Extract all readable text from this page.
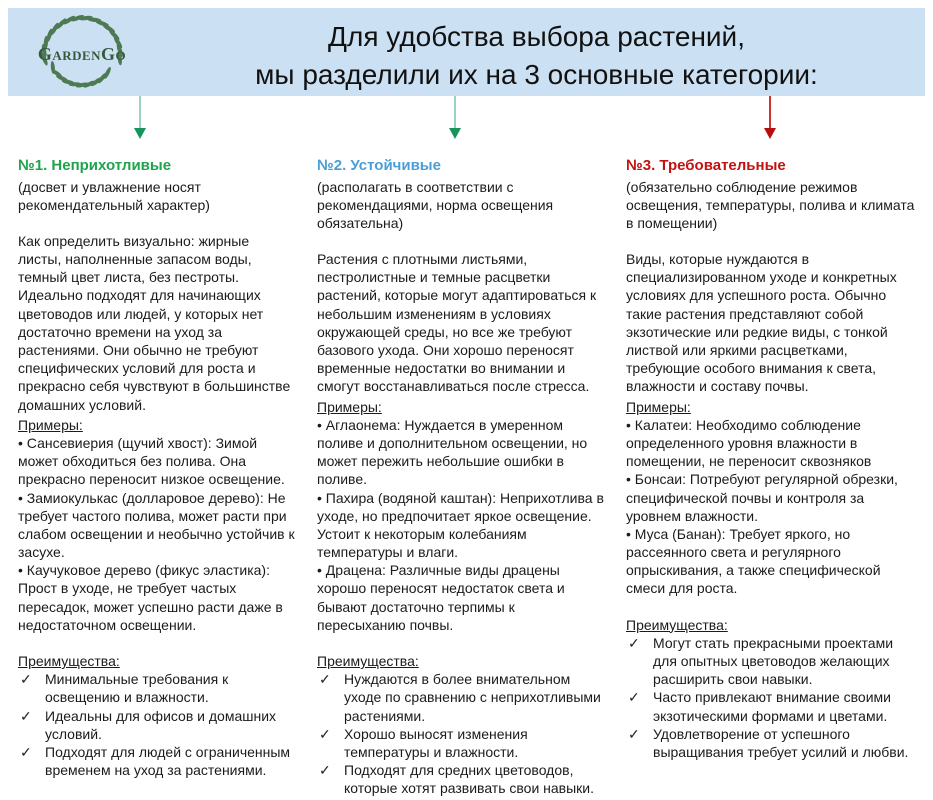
GardenGo
Для удобства выбора растений,
мы разделили их на 3 основные категории:
№1. Неприхотливые
(досвет и увлажнение носят рекомендательный характер)
Как определить визуально: жирные листы, наполненные запасом воды, темный цвет листа, без пестроты. Идеально подходят для начинающих цветоводов или людей, у которых нет достаточно времени на уход за растениями. Они обычно не требуют специфических условий для роста и прекрасно себя чувствуют в большинстве домашних условий.
Примеры:
• Сансевиерия (щучий хвост): Зимой может обходиться без полива. Она прекрасно переносит низкое освещение.
• Замиокулькас (долларовое дерево): Не требует частого полива, может расти при слабом освещении и необычно устойчив к засухе.
• Каучуковое дерево (фикус эластика): Прост в уходе, не требует частых пересадок, может успешно расти даже в недостаточном освещении.
Преимущества:
✓ Минимальные требования к освещению и влажности.
✓ Идеальны для офисов и домашних условий.
✓ Подходят для людей с ограниченным временем на уход за растениями.
№2. Устойчивые
(располагать в соответствии с рекомендациями, норма освещения обязательна)
Растения с плотными листьями, пестролистные и темные расцветки растений, которые могут адаптироваться к небольшим изменениям в условиях окружающей среды, но все же требуют базового ухода. Они хорошо переносят временные недостатки во внимании и смогут восстанавливаться после стресса.
Примеры:
• Аглаонема: Нуждается в умеренном поливе и дополнительном освещении, но может пережить небольшие ошибки в поливе.
• Пахира (водяной каштан): Неприхотлива в уходе, но предпочитает яркое освещение. Устоит к некоторым колебаниям температуры и влаги.
• Драцена: Различные виды драцены хорошо переносят недостаток света и бывают достаточно терпимы к пересыханию почвы.
Преимущества:
✓ Нуждаются в более внимательном уходе по сравнению с неприхотливыми растениями.
✓ Хорошо выносят изменения температуры и влажности.
✓ Подходят для средних цветоводов, которые хотят развивать свои навыки.
№3. Требовательные
(обязательно соблюдение режимов освещения, температуры, полива и климата в помещении)
Виды, которые нуждаются в специализированном уходе и конкретных условиях для успешного роста. Обычно такие растения представляют собой экзотические или редкие виды, с тонкой листвой или яркими расцветками, требующие особого внимания к света, влажности и составу почвы.
Примеры:
• Калатеи: Необходимо соблюдение определенного уровня влажности в помещении, не переносит сквозняков
• Бонсаи: Потребуют регулярной обрезки, специфической почвы и контроля за уровнем влажности.
• Муса (Банан): Требует яркого, но рассеянного света и регулярного опрыскивания, а также специфической смеси для роста.
Преимущества:
✓ Могут стать прекрасными проектами для опытных цветоводов желающих расширить свои навыки.
✓ Часто привлекают внимание своими экзотическими формами и цветами.
✓ Удовлетворение от успешного выращивания требует усилий и любви.
